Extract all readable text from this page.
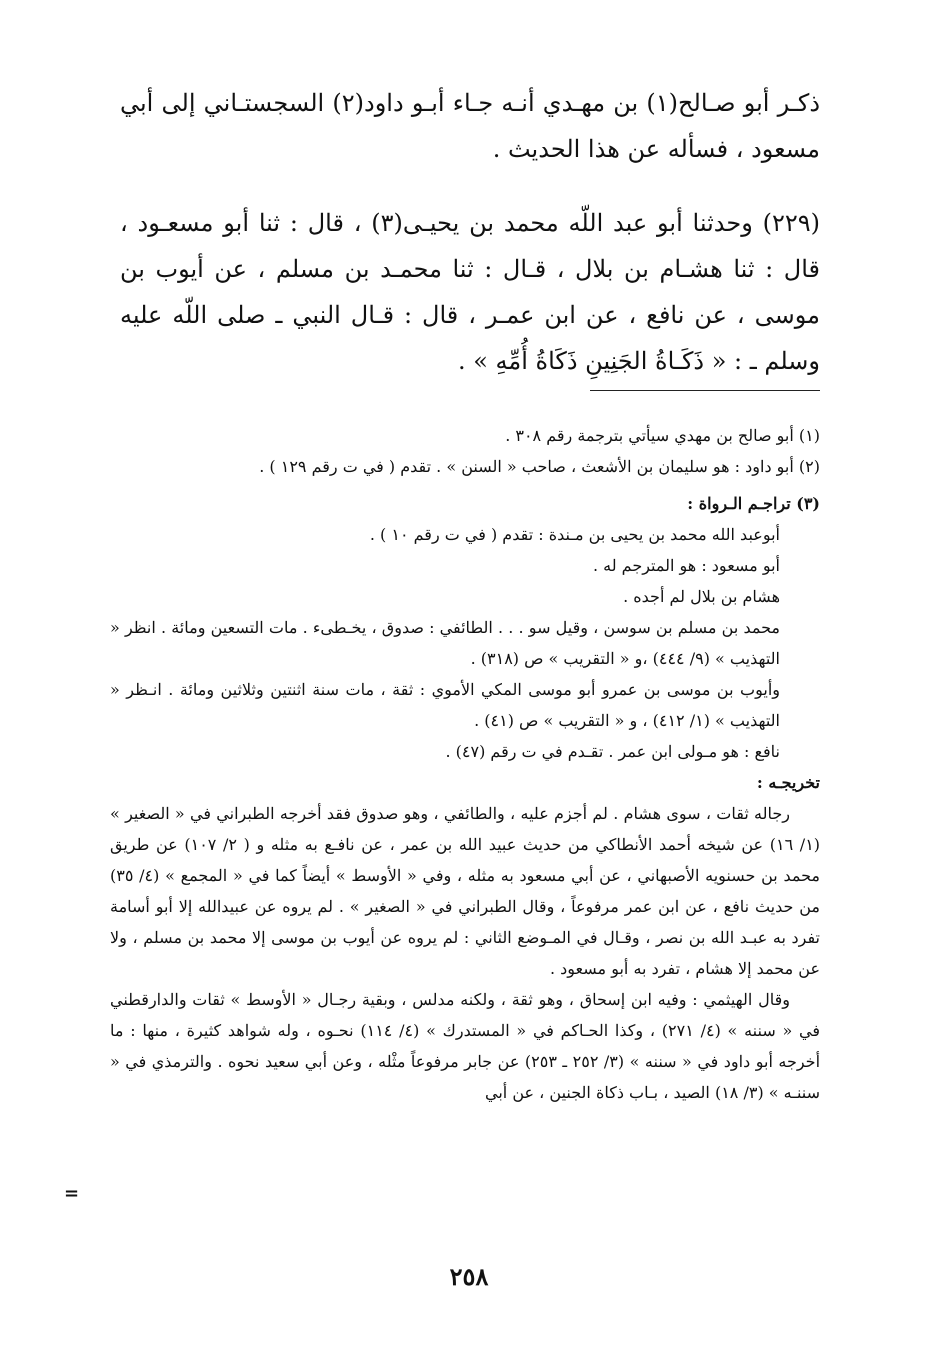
ذكـر أبو صـالح(١) بن مهـدي أنـه جـاء أبـو داود(٢) السجستـاني إلى أبي مسعود ، فسأله عن هذا الحديث .

(٢٢٩) وحدثنا أبو عبد اللّه محمد بن يحيـى(٣) ، قال : ثنا أبو مسعـود ، قال : ثنا هشـام بن بلال ، قـال : ثنا محمـد بن مسلم ، عن أيوب بن موسى ، عن نافع ، عن ابن عمـر ، قال : قـال النبي ـ صلى اللّه عليه وسلم ـ : « ذَكَـاةُ الجَنِينِ ذَكَاةُ أُمِّهِ » .

(١) أبو صالح بن مهدي سيأتي بترجمة رقم ٣٠٨ .

(٢) أبو داود : هو سليمان بن الأشعث ، صاحب « السنن » . تقدم ( في ت رقم ١٢٩ ) .

(٣) تراجـم الـرواة :

أبوعبد الله محمد بن يحيى بن مـندة : تقدم ( في ت رقم ١٠ ) .

أبو مسعود : هو المترجم له .

هشام بن بلال لم أجده .

محمد بن مسلم بن سوسن ، وقيل سو . . . الطائفي : صدوق ، يخـطىء . مات التسعين ومائة . انظر « التهذيب » (٩/ ٤٤٤) ،و « التقريب » ص (٣١٨) .

وأيوب بن موسى بن عمرو أبو موسى المكي الأموي : ثقة ، مات سنة اثنتين وثلاثين ومائة . انـظر « التهذيب » (١/ ٤١٢) ، و « التقريب » ص (٤١) .

نافع : هو مـولى ابن عمر . تقـدم في ت رقم (٤٧) .

تخريجـه :

رجاله ثقات ، سوى هشام . لم أجزم عليه ، والطائفي ، وهو صدوق فقد أخرجه الطبراني في « الصغير » (١/ ١٦) عن شيخه أحمد الأنطاكي من حديث عبيد الله بن عمر ، عن نافـع به مثله و ( ٢/ ١٠٧) عن طريق محمد بن حسنويه الأصبهاني ، عن أبي مسعود به مثله ، وفي « الأوسط » أيضاً كما في « المجمع » (٤/ ٣٥) من حديث نافع ، عن ابن عمر مرفوعاً ، وقال الطبراني في « الصغير » . لم يروه عن عبيدالله إلا أبو أسامة تفرد به عبـد الله بن نصر ، وقـال في المـوضع الثاني : لم يروه عن أيوب بن موسى إلا محمد بن مسلم ، ولا عن محمد إلا هشام ، تفرد به أبو مسعود .

وقال الهيثمي : وفيه ابن إسحاق ، وهو ثقة ، ولكنه مدلس ، وبقية رجـال « الأوسط » ثقات والدارقطني في « سننه » (٤/ ٢٧١) ، وكذا الحـاكم في « المستدرك » (٤/ ١١٤) نحـوه ، وله شواهد كثيرة ، منها : ما أخرجه أبو داود في « سننه » (٣/ ٢٥٢ ـ ٢٥٣) عن جابر مرفوعاً مثْله ، وعن أبي سعيد نحوه . والترمذي في « سننـه » (٣/ ١٨) الصيد ، بـاب ذكاة الجنين ، عن أبي

=
٢٥٨
